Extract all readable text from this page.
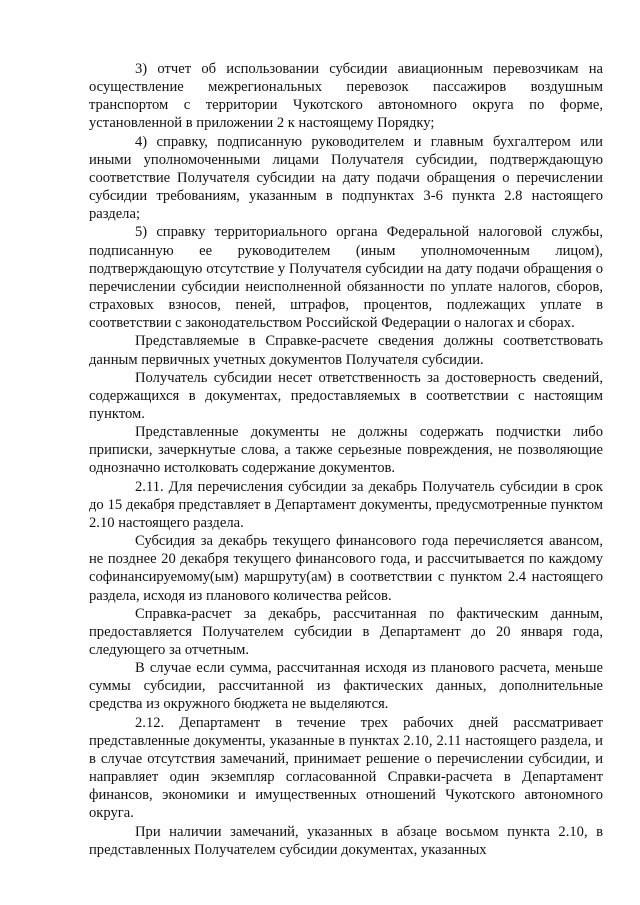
3) отчет об использовании субсидии авиационным перевозчикам на осуществление межрегиональных перевозок пассажиров воздушным транспортом с территории Чукотского автономного округа по форме, установленной в приложении 2 к настоящему Порядку;

4) справку, подписанную руководителем и главным бухгалтером или иными уполномоченными лицами Получателя субсидии, подтверждающую соответствие Получателя субсидии на дату подачи обращения о перечислении субсидии требованиям, указанным в подпунктах 3-6 пункта 2.8 настоящего раздела;

5) справку территориального органа Федеральной налоговой службы, подписанную ее руководителем (иным уполномоченным лицом), подтверждающую отсутствие у Получателя субсидии на дату подачи обращения о перечислении субсидии неисполненной обязанности по уплате налогов, сборов, страховых взносов, пеней, штрафов, процентов, подлежащих уплате в соответствии с законодательством Российской Федерации о налогах и сборах.

Представляемые в Справке-расчете сведения должны соответствовать данным первичных учетных документов Получателя субсидии.

Получатель субсидии несет ответственность за достоверность сведений, содержащихся в документах, предоставляемых в соответствии с настоящим пунктом.

Представленные документы не должны содержать подчистки либо приписки, зачеркнутые слова, а также серьезные повреждения, не позволяющие однозначно истолковать содержание документов.

2.11. Для перечисления субсидии за декабрь Получатель субсидии в срок до 15 декабря представляет в Департамент документы, предусмотренные пунктом 2.10 настоящего раздела.

Субсидия за декабрь текущего финансового года перечисляется авансом, не позднее 20 декабря текущего финансового года, и рассчитывается по каждому софинансируемому(ым) маршруту(ам) в соответствии с пунктом 2.4 настоящего раздела, исходя из планового количества рейсов.

Справка-расчет за декабрь, рассчитанная по фактическим данным, предоставляется Получателем субсидии в Департамент до 20 января года, следующего за отчетным.

В случае если сумма, рассчитанная исходя из планового расчета, меньше суммы субсидии, рассчитанной из фактических данных, дополнительные средства из окружного бюджета не выделяются.

2.12. Департамент в течение трех рабочих дней рассматривает представленные документы, указанные в пунктах 2.10, 2.11 настоящего раздела, и в случае отсутствия замечаний, принимает решение о перечислении субсидии, и направляет один экземпляр согласованной Справки-расчета в Департамент финансов, экономики и имущественных отношений Чукотского автономного округа.

При наличии замечаний, указанных в абзаце восьмом пункта 2.10, в представленных Получателем субсидии документах, указанных
